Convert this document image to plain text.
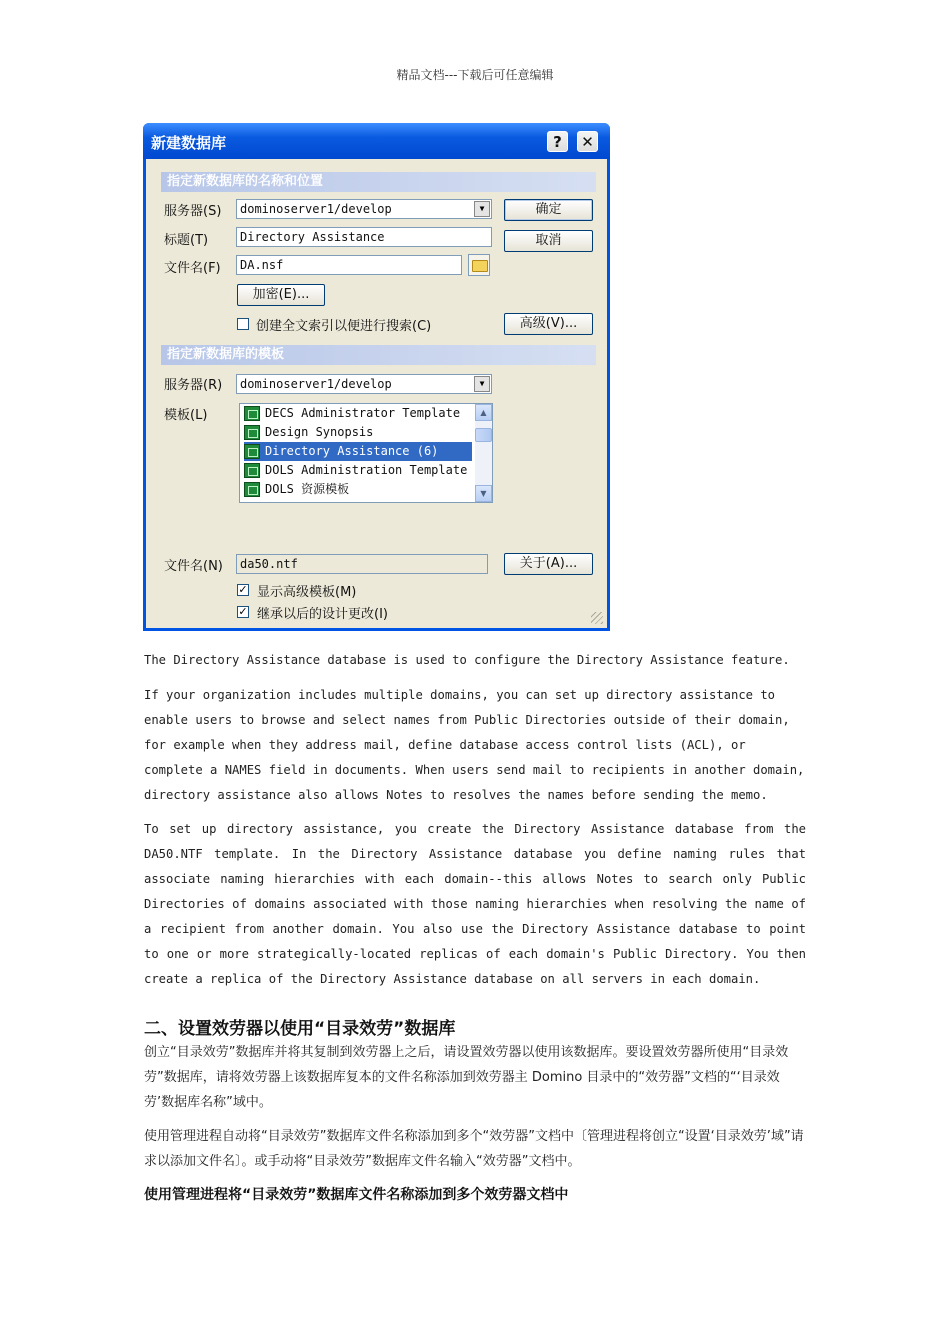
精品文档---下载后可任意编辑
新建数据库	?	✕
指定新数据库的名称和位置
服务器(S)	dominoserver1/develop	▼	确定
标题(T)	Directory Assistance	取消
文件名(F)	DA.nsf
加密(E)...
创建全文索引以便进行搜索(C)	高级(V)...
指定新数据库的模板
服务器(R)	dominoserver1/develop	▼
模板(L)	DECS Administrator Template
Design Synopsis
Directory Assistance (6)
DOLS Administration Template
DOLS 资源模板
▲
▼
文件名(N)	da50.ntf	关于(A)...
✓ 显示高级模板(M)
✓ 继承以后的设计更改(I)

The Directory Assistance database is used to configure the Directory Assistance feature.

If your organization includes multiple domains, you can set up directory assistance to enable users to browse and select names from Public Directories outside of their domain, for example when they address mail, define database access control lists (ACL), or complete a NAMES field in documents. When users send mail to recipients in another domain, directory assistance also allows Notes to resolves the names before sending the memo.

To set up directory assistance, you create the Directory Assistance database from the DA50.NTF template. In the Directory Assistance database you define naming rules that associate naming hierarchies with each domain--this allows Notes to search only Public Directories of domains associated with those naming hierarchies when resolving the name of a recipient from another domain. You also use the Directory Assistance database to point to one or more strategically-located replicas of each domain's Public Directory. You then create a replica of the Directory Assistance database on all servers in each domain.

二、设置效劳器以使用“目录效劳”数据库

创立“目录效劳”数据库并将其复制到效劳器上之后，请设置效劳器以使用该数据库。要设置效劳器所使用“目录效劳”数据库，请将效劳器上该数据库复本的文件名称添加到效劳器主 Domino 目录中的“效劳器”文档的“‘目录效劳’数据库名称”域中。

使用管理进程自动将“目录效劳”数据库文件名称添加到多个“效劳器”文档中〔管理进程将创立“设置‘目录效劳’域”请求以添加文件名〕。或手动将“目录效劳”数据库文件名输入“效劳器”文档中。

使用管理进程将“目录效劳”数据库文件名称添加到多个效劳器文档中
